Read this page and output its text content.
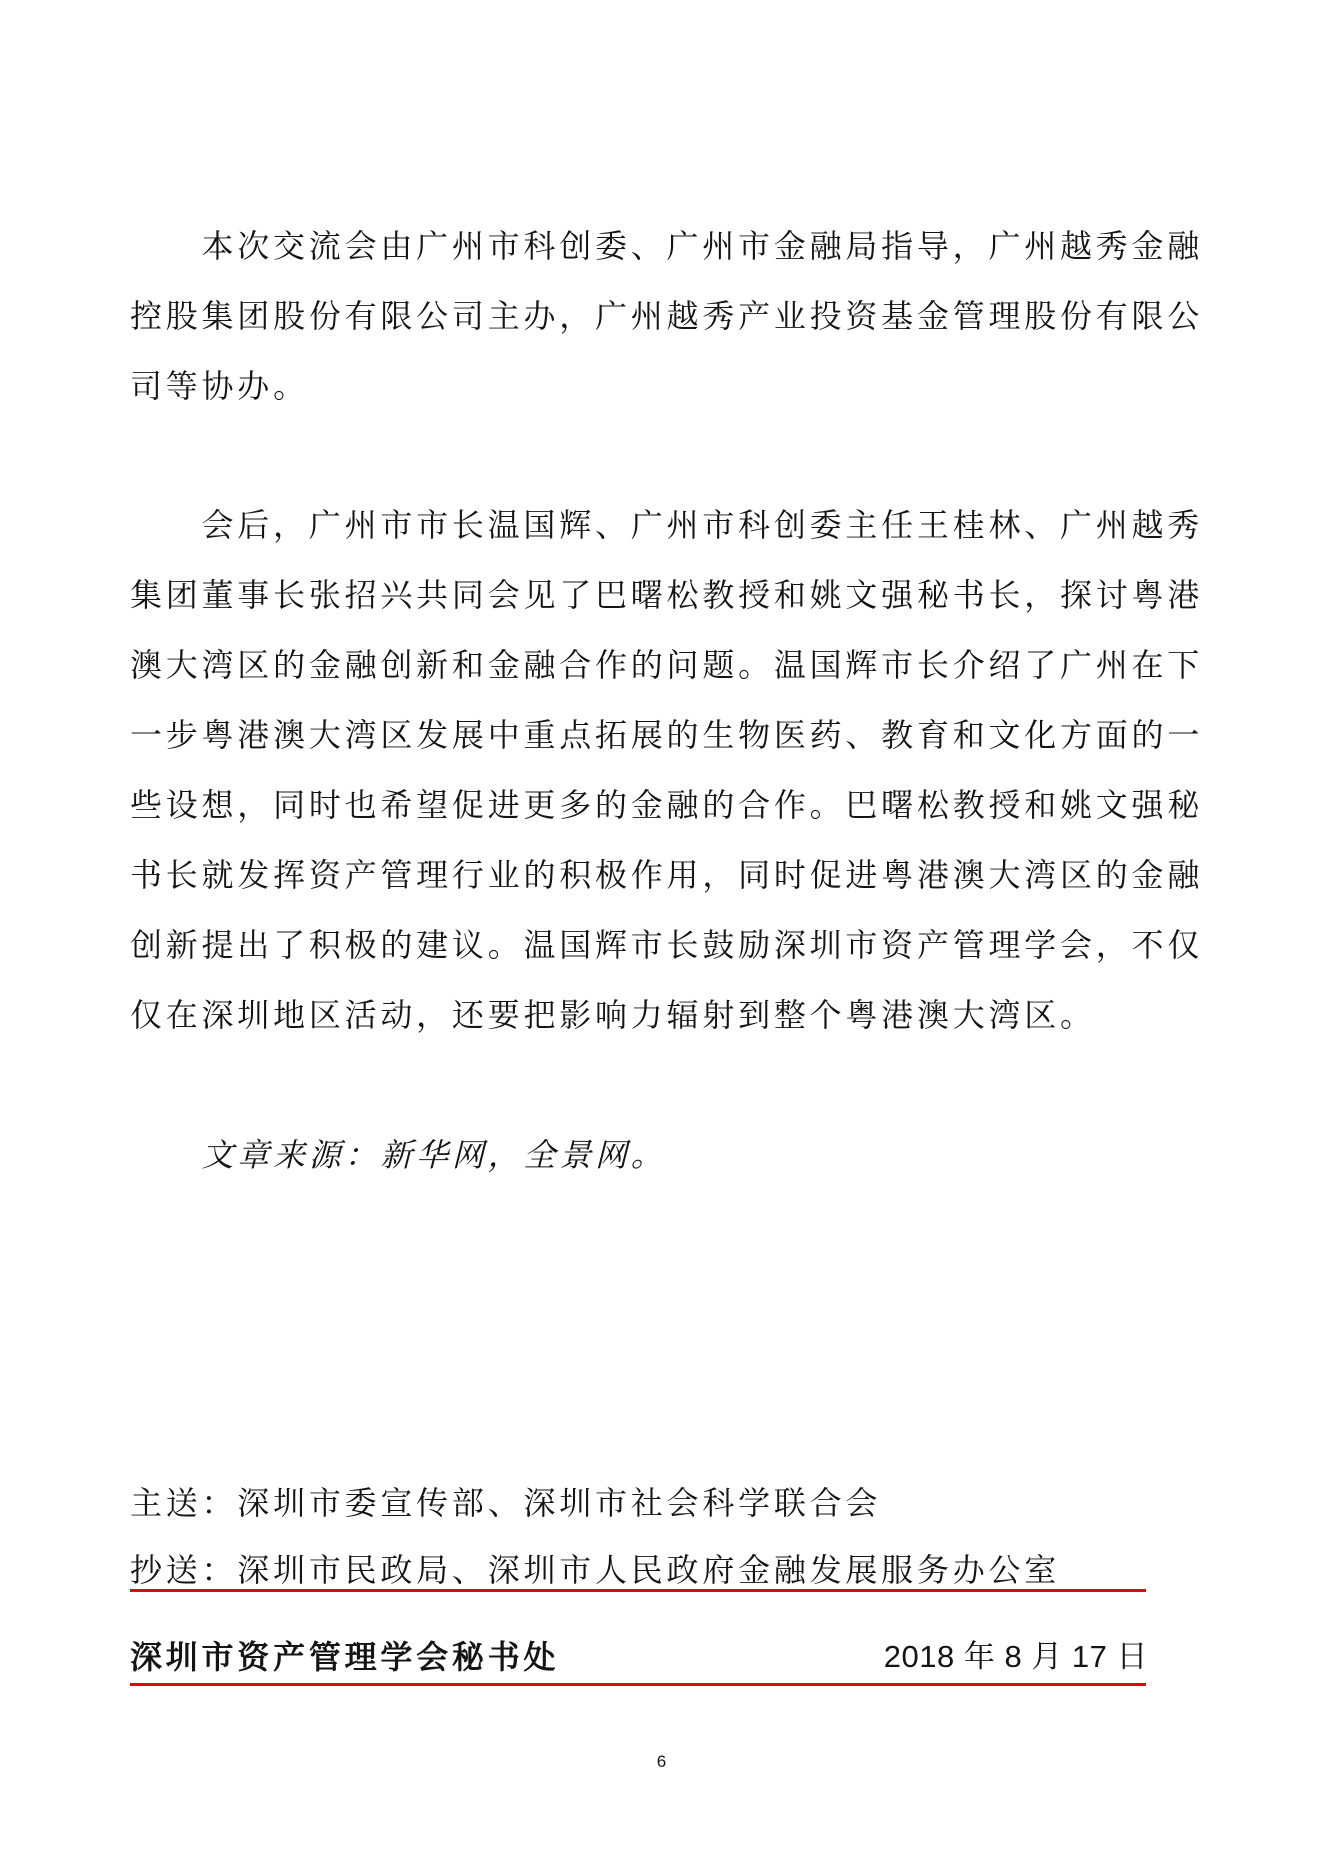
本次交流会由广州市科创委、广州市金融局指导，广州越秀金融
控股集团股份有限公司主办，广州越秀产业投资基金管理股份有限公
司等协办。
会后，广州市市长温国辉、广州市科创委主任王桂林、广州越秀
集团董事长张招兴共同会见了巴曙松教授和姚文强秘书长，探讨粤港
澳大湾区的金融创新和金融合作的问题。温国辉市长介绍了广州在下
一步粤港澳大湾区发展中重点拓展的生物医药、教育和文化方面的一
些设想，同时也希望促进更多的金融的合作。巴曙松教授和姚文强秘
书长就发挥资产管理行业的积极作用，同时促进粤港澳大湾区的金融
创新提出了积极的建议。温国辉市长鼓励深圳市资产管理学会，不仅
仅在深圳地区活动，还要把影响力辐射到整个粤港澳大湾区。
文章来源：新华网，全景网。
主送：深圳市委宣传部、深圳市社会科学联合会
抄送：深圳市民政局、深圳市人民政府金融发展服务办公室
深圳市资产管理学会秘书处	2018 年 8 月 17 日
6
